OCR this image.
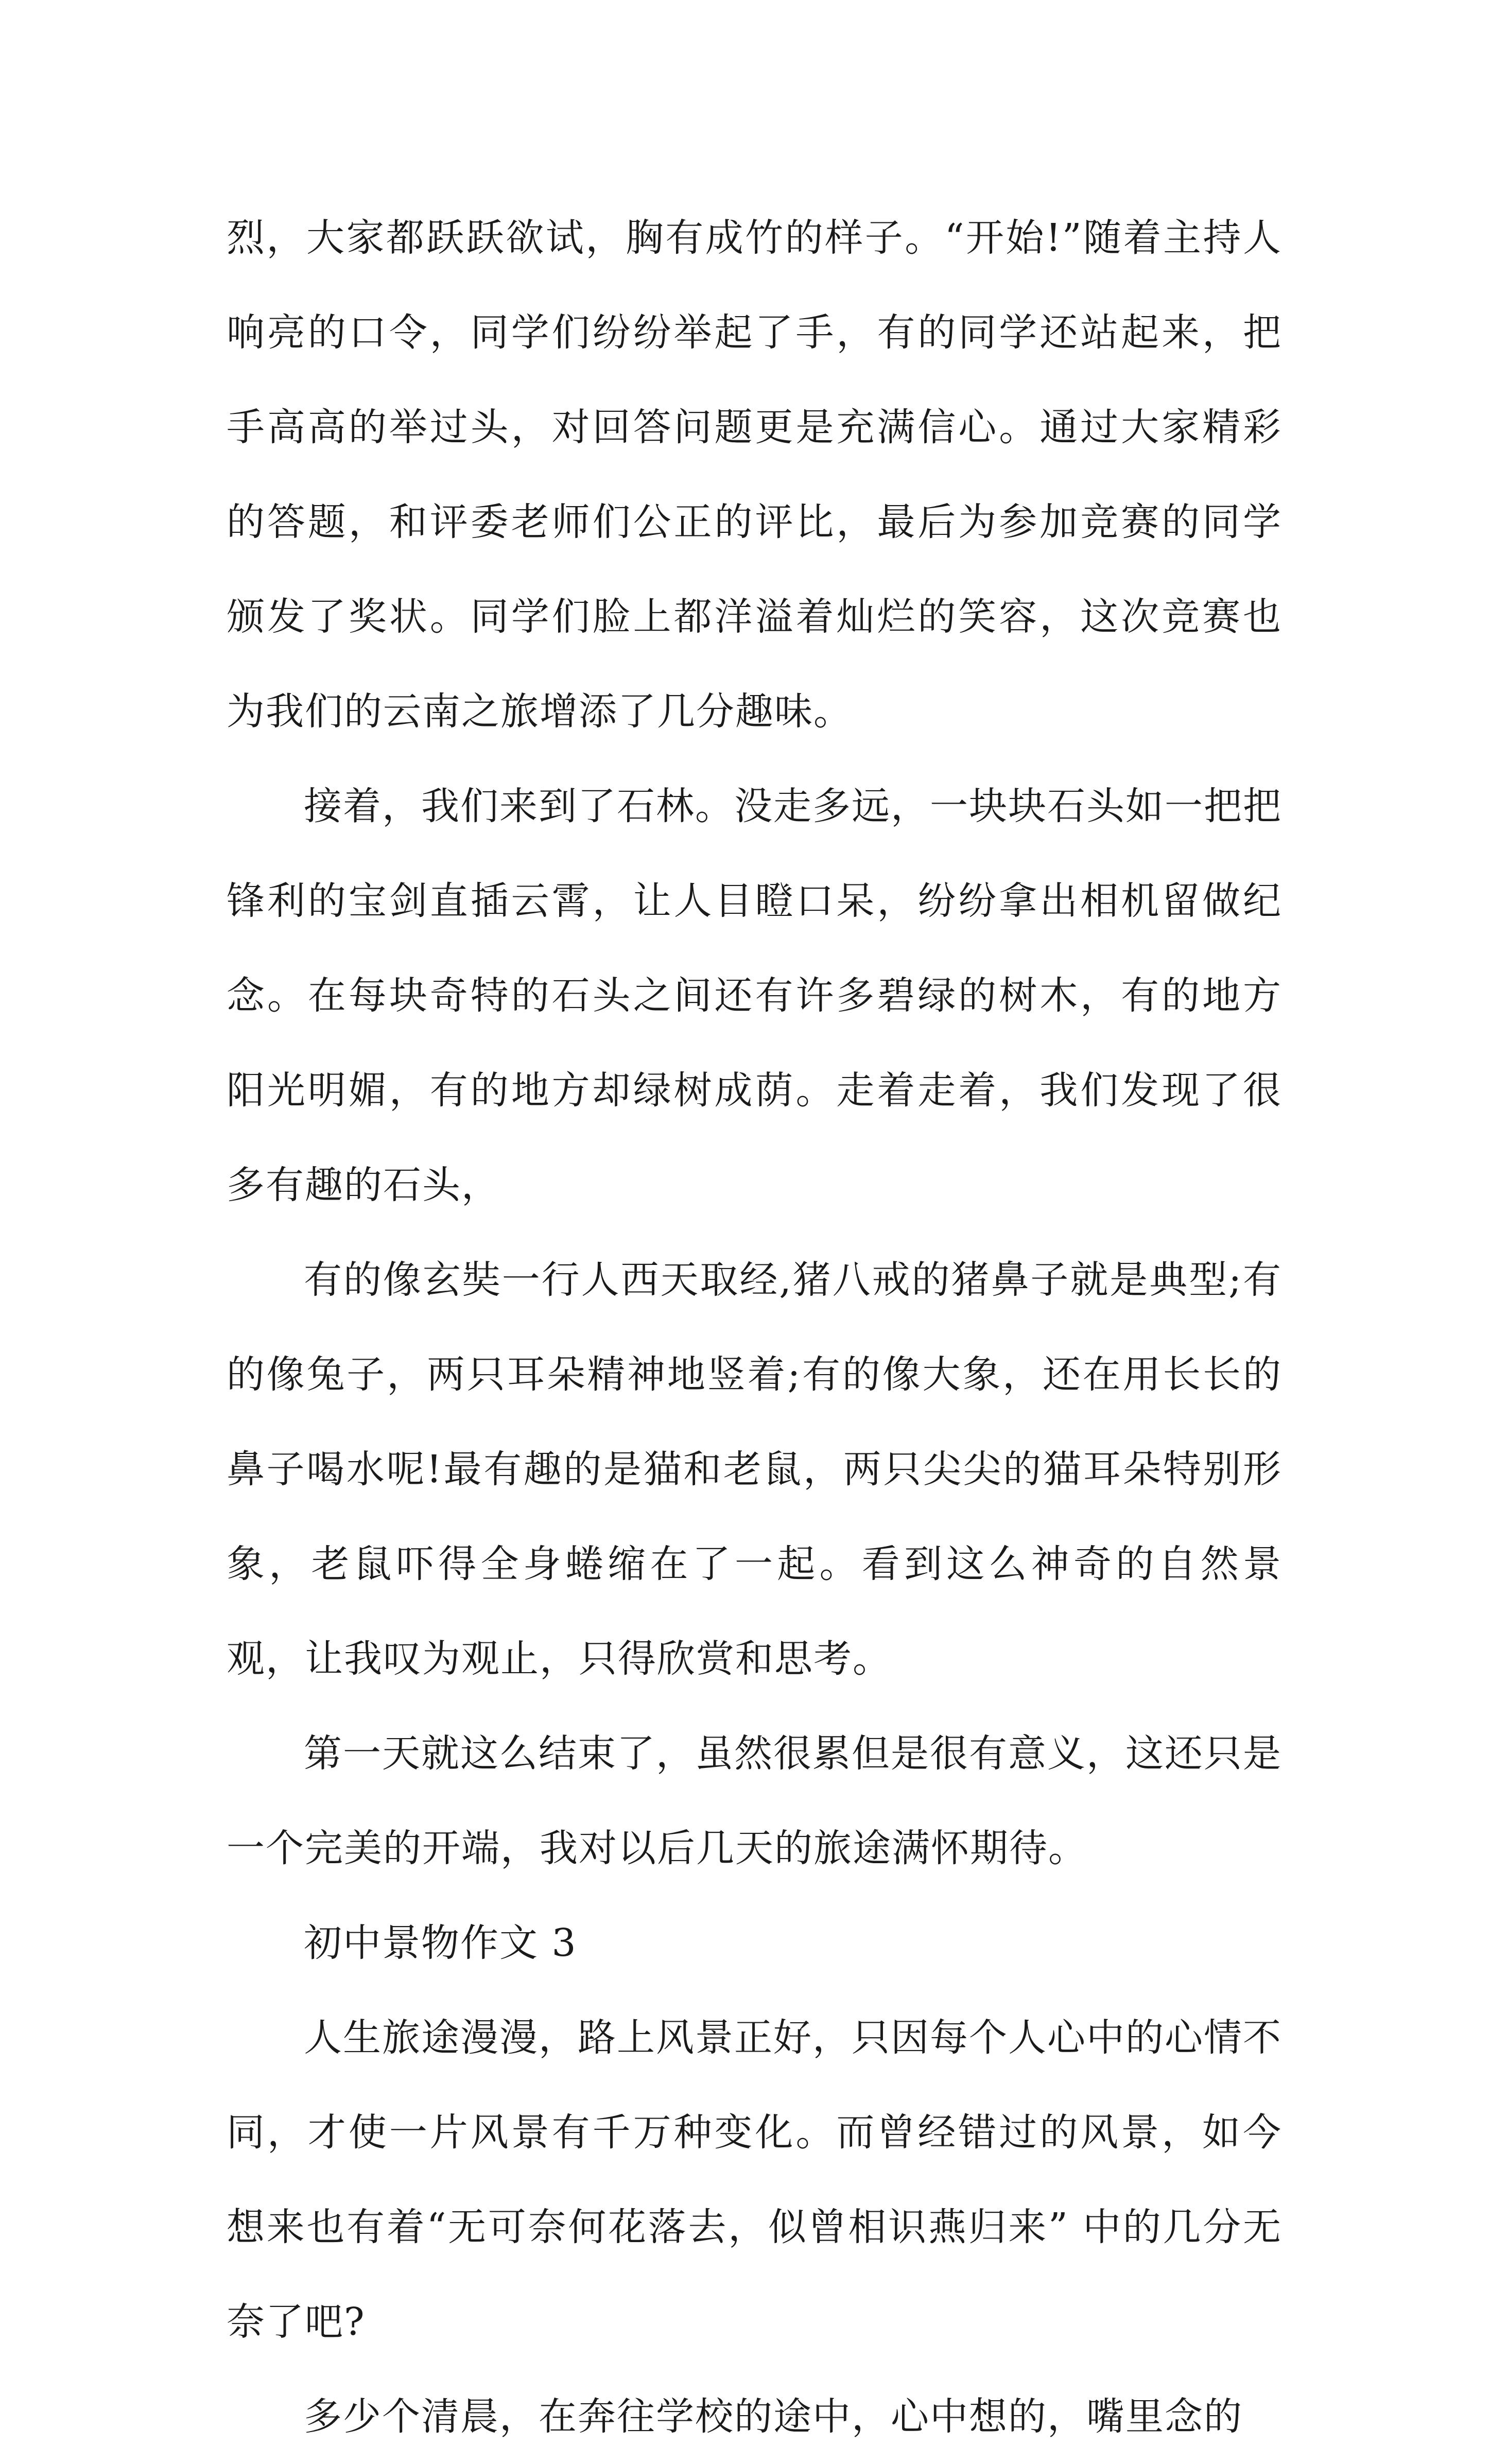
烈，大家都跃跃欲试，胸有成竹的样子。“开始!”随着主持人响亮的口令，同学们纷纷举起了手，有的同学还站起来，把手高高的举过头，对回答问题更是充满信心。通过大家精彩的答题，和评委老师们公正的评比，最后为参加竞赛的同学颁发了奖状。同学们脸上都洋溢着灿烂的笑容，这次竞赛也为我们的云南之旅增添了几分趣味。

接着，我们来到了石林。没走多远，一块块石头如一把把锋利的宝剑直插云霄，让人目瞪口呆，纷纷拿出相机留做纪念。在每块奇特的石头之间还有许多碧绿的树木，有的地方阳光明媚，有的地方却绿树成荫。走着走着，我们发现了很多有趣的石头，

有的像玄奘一行人西天取经,猪八戒的猪鼻子就是典型;有的像兔子，两只耳朵精神地竖着;有的像大象，还在用长长的鼻子喝水呢!最有趣的是猫和老鼠，两只尖尖的猫耳朵特别形象，老鼠吓得全身蜷缩在了一起。看到这么神奇的自然景观，让我叹为观止，只得欣赏和思考。

第一天就这么结束了，虽然很累但是很有意义，这还只是一个完美的开端，我对以后几天的旅途满怀期待。

初中景物作文 3

人生旅途漫漫，路上风景正好，只因每个人心中的心情不同，才使一片风景有千万种变化。而曾经错过的风景，如今想来也有着“无可奈何花落去，似曾相识燕归来” 中的几分无奈了吧?

多少个清晨，在奔往学校的途中，心中想的，嘴里念的
